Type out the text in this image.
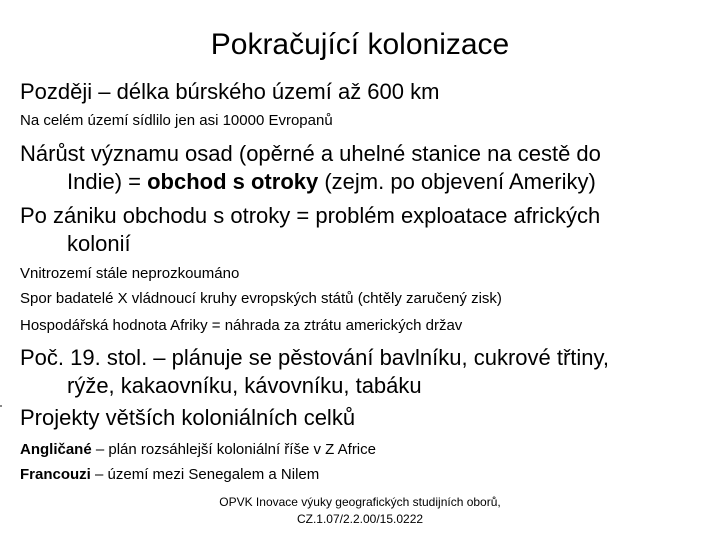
Pokračující kolonizace
Později – délka búrského území až 600 km
Na celém území sídlilo jen asi 10000 Evropanů
Nárůst významu osad (opěrné a uhelné stanice na cestě do
Indie) = obchod s otroky (zejm. po objevení Ameriky)
Po zániku obchodu s otroky = problém exploatace afrických
kolonií
Vnitrozemí stále neprozkoumáno
Spor badatelé X vládnoucí kruhy evropských států (chtěly zaručený zisk)
Hospodářská hodnota Afriky = náhrada za ztrátu amerických držav
Poč. 19. stol. – plánuje se pěstování bavlníku, cukrové třtiny,
rýže, kakaovníku, kávovníku, tabáku
Projekty větších koloniálních celků
Angličané – plán rozsáhlejší koloniální říše v Z Africe
Francouzi – území mezi Senegalem a Nilem
OPVK Inovace výuky geografických studijních oborů,
CZ.1.07/2.2.00/15.0222
